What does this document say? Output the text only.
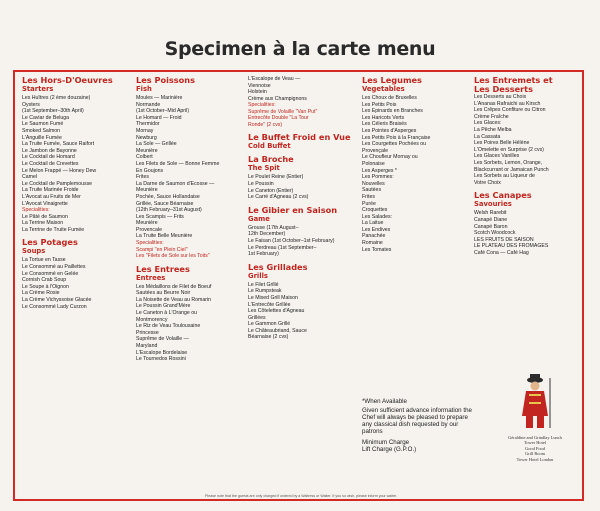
Specimen à la carte menu
Les Hors-D'Oeuvres
Starters
Les Huîtres (2 ème douzaine)
Oysters
(1st September–30th April)
Le Caviar de Beluga
Le Saumon Fumé
Smoked Salmon
L'Anguille Fumée
La Truite Fumée, Sauce Raifort
Le Jambon de Bayonne
Le Cocktail de Homard
Le Cocktail de Crevettes
Le Melon Frappé — Honey Dew
Camel
Le Cocktail de Pamplemousse
La Truite Marinée Froide
L'Avocat au Fruits de Mer
L'Avocat Vinaigrette
Specialities:
Le Pâté de Saumon
La Terrine Maison
La Terrine de Truite Fumée
Les Potages
Soups
La Tortue en Tasse
Le Consommé au Paillettes
Le Consommé en Gelée
Cornish Crab Soup
Le Soupe à l'Oignon
La Crème Rosie
La Crème Vichyssoise Glacée
Le Consommé Lady Curzon
Les Poissons
Fish
Moules — Marinière
Normande
(1st October–Mid April)
Le Homard — Froid
Thermidor
Mornay
Newburg
La Sole — Grillée
Meunière
Colbert
Les Filets de Sole — Bonne Femme
En Goujons
Frites
La Darne de Saumon d'Ecosse —
Meunière
Pochée, Sauce Hollandaise
Grillée, Sauce Béarnaise
(12th February–31st August)
Les Scampis — Frits
Meunière
Provencale
La Truite Belle Meunière
Specialities:
Scampi "en Plein Ciel"
Les "Filets de Sole sur les Toits"
Les Entrees
Entrees
Les Médaillons de Filet de Boeuf
Sautées au Beurre Noir
La Noisette de Veau au Romarin
Le Poussin Grand'Mère
Le Caneton à L'Orange ou
Montmorency
Le Riz de Veau Toulousaine
Princesse
Suprême de Volaille —
Maryland
L'Escalope Bordelaise
Le Tournedos Rossini
L'Escalope de Veau —
Viennoise
Holstein
Crème aux Champignons
Specialities:
Suprême de Volaille "Van Put"
Entrecôte Double "La Tour
Ronde" (2 cvs)
Le Buffet Froid en Vue
Cold Buffet
La Broche
The Spit
Le Poulet Reine (Entier)
Le Poussin
Le Caneton (Entier)
Le Carré d'Agneau (2 cvs)
Le Gibier en Saison
Game
Grouse (17th August–
12th December)
Le Faisan (1st October–1st February)
Le Perdreau (1st September–
1st February)
Les Grillades
Grills
Le Filet Grillé
Le Rumpsteak
Le Mixed Grill Maison
L'Entrecôte Grillée
Les Côtelettes d'Agneau
Grillées
Le Gammon Grillé
Le Châteaubriand, Sauce
Béarnaise (2 cvs)
Les Legumes
Vegetables
Les Choux de Bruxelles
Les Petits Pois
Les Epinards en Branches
Les Haricots Verts
Les Céleris Braisés
Les Pointes d'Asperges
Les Petits Pois à la Française
Les Courgettes Pochées ou
Provençale
Le Choufleur Mornay ou
Polonaise
Les Asperges *
Les Pommes:
Nouvelles
Sautées
Frites
Purée
Croquettes
Les Salades:
La Laitue
Les Endives
Panachée
Romaine
Les Tomates
Les Entremets et
Les Desserts
Les Desserts au Choix
L'Ananas Rafraichi au Kirsch
Les Crêpes Confiture ou Citron
Crème Fraîche
Les Glaces:
La Pêche Melba
La Cassata
Les Poires Belle Hélène
L'Omelette en Surprise (2 cvs)
Les Glaces Vanilles
Les Sorbets, Lemon, Orange,
Blackcurrant or Jamaican Punch
Les Sorbets au Liqueur de
Votre Choix
Les Canapes
Savouries
Welsh Rarebit
Canapé Diane
Canapé Baron
Scotch Woodcock
LES FRUITS DE SAISON
LE PLATEAU DES FROMAGES
Café Cona — Café Hag
*When Available
Given sufficient advance information the Chef will always be pleased to prepare any classical dish requested by our patrons
Minimum Charge
Lift Charge (G.P.O.)
Géraldine and Grindlay Lunch
Tower Hotel
Good Food
Grill Room
Tower Hotel London
Please note that the guests are only charged if ordered by a Waitress or Waiter. If you so wish, please inform your waiter.
